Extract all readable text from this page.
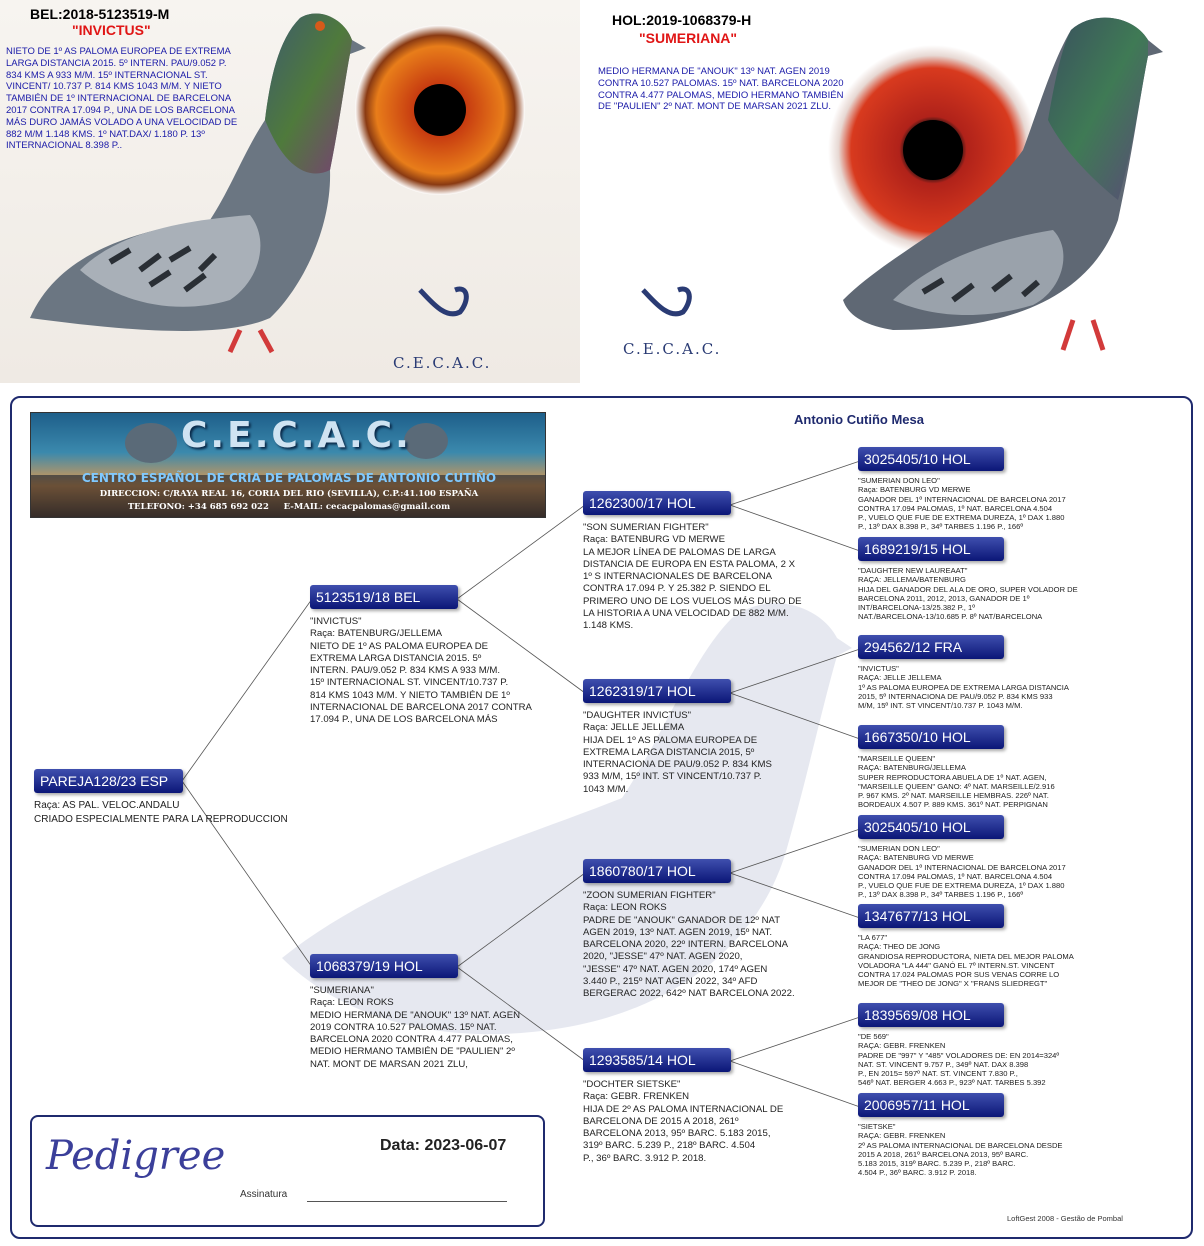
BEL:2018-5123519-M
"INVICTUS"
NIETO DE 1º AS PALOMA EUROPEA DE EXTREMA LARGA DISTANCIA 2015. 5º INTERN. PAU/9.052 P. 834 KMS A 933 M/M. 15º INTERNACIONAL ST. VINCENT/ 10.737 P. 814 KMS 1043 M/M. Y NIETO TAMBIÉN DE 1º INTERNACIONAL DE BARCELONA 2017 CONTRA 17.094 P., UNA DE LOS BARCELONA MÁS DURO JAMÁS VOLADO A UNA VELOCIDAD DE 882 M/M 1.148 KMS. 1º NAT.DAX/ 1.180 P. 13º INTERNACIONAL 8.398 P..
C.E.C.A.C.
HOL:2019-1068379-H
"SUMERIANA"
MEDIO HERMANA DE "ANOUK" 13º NAT. AGEN 2019 CONTRA 10.527 PALOMAS. 15º NAT. BARCELONA 2020 CONTRA 4.477 PALOMAS, MEDIO HERMANO TAMBIÉN DE "PAULIEN" 2º NAT. MONT DE MARSAN 2021 ZLU.
C.E.C.A.C.
Antonio Cutiño Mesa
C.E.C.A.C.
CENTRO ESPAÑOL DE CRIA DE PALOMAS DE ANTONIO CUTIÑO
DIRECCION: C/RAYA REAL 16, CORIA DEL RIO (SEVILLA), C.P.:41.100 ESPAÑA
TELEFONO: +34 685 692 022     E-MAIL: cecacpalomas@gmail.com
PAREJA128/23 ESP
Raça: AS PAL. VELOC.ANDALU
CRIADO ESPECIALMENTE PARA LA REPRODUCCION
5123519/18 BEL
"INVICTUS"
Raça: BATENBURG/JELLEMA
NIETO DE 1º AS PALOMA EUROPEA DE
EXTREMA LARGA DISTANCIA 2015. 5º
INTERN. PAU/9.052 P. 834 KMS A 933 M/M.
15º INTERNACIONAL ST. VINCENT/10.737 P.
814 KMS 1043 M/M. Y NIETO TAMBIÉN DE 1º
INTERNACIONAL DE BARCELONA 2017 CONTRA
17.094 P., UNA DE LOS BARCELONA MÁS
1068379/19 HOL
"SUMERIANA"
Raça: LEON ROKS
MEDIO HERMANA DE "ANOUK" 13º NAT. AGEN
2019 CONTRA 10.527 PALOMAS. 15º NAT.
BARCELONA 2020 CONTRA 4.477 PALOMAS,
MEDIO HERMANO TAMBIÉN DE "PAULIEN" 2º
NAT. MONT DE MARSAN 2021 ZLU,
1262300/17 HOL
"SON SUMERIAN FIGHTER"
Raça: BATENBURG VD MERWE
LA MEJOR LÍNEA DE PALOMAS DE LARGA
DISTANCIA DE EUROPA EN ESTA PALOMA, 2 X
1º S INTERNACIONALES DE BARCELONA
CONTRA 17.094 P. Y 25.382 P. SIENDO EL
PRIMERO UNO DE LOS VUELOS MÁS DURO DE
LA HISTORIA A UNA VELOCIDAD DE 882 M/M.
1.148 KMS.
1262319/17 HOL
"DAUGHTER INVICTUS"
Raça: JELLE JELLEMA
HIJA DEL 1º AS PALOMA EUROPEA DE
EXTREMA LARGA DISTANCIA 2015, 5º
INTERNACIONA DE PAU/9.052 P. 834 KMS
933 M/M, 15º INT. ST VINCENT/10.737 P.
1043 M/M.
1860780/17 HOL
"ZOON SUMERIAN FIGHTER"
Raça: LEON ROKS
PADRE DE "ANOUK" GANADOR DE 12º NAT
AGEN 2019, 13º NAT. AGEN 2019, 15º NAT.
BARCELONA 2020, 22º INTERN. BARCELONA
2020, "JESSE" 47º NAT. AGEN 2020,
"JESSE" 47º NAT. AGEN 2020, 174º AGEN
3.440 P., 215º NAT AGEN 2022, 34º AFD
BERGERAC 2022, 642º NAT BARCELONA 2022.
1293585/14 HOL
"DOCHTER SIETSKE"
Raça: GEBR. FRENKEN
HIJA DE 2º AS PALOMA INTERNACIONAL DE
BARCELONA DE 2015 A 2018, 261º
BARCELONA 2013, 95º BARC. 5.183 2015,
319º BARC. 5.239 P., 218º BARC. 4.504
P., 36º BARC. 3.912 P. 2018.
3025405/10 HOL
"SUMERIAN DON LEO"
Raça: BATENBURG VD MERWE
GANADOR DEL 1º INTERNACIONAL DE BARCELONA 2017
CONTRA 17.094 PALOMAS, 1º NAT. BARCELONA 4.504
P., VUELO QUE FUE DE EXTREMA DUREZA, 1º DAX 1.880
P., 13º DAX 8.398 P., 34º TARBES 1.196 P., 166º
1689219/15 HOL
"DAUGHTER NEW LAUREAAT"
RAÇA: JELLEMA/BATENBURG
HIJA DEL GANADOR DEL ALA DE ORO, SUPER VOLADOR DE
BARCELONA 2011, 2012, 2013, GANADOR DE 1º
INT/BARCELONA-13/25.382 P., 1º
NAT./BARCELONA-13/10.685 P. 8º NAT/BARCELONA
294562/12 FRA
"INVICTUS"
RAÇA: JELLE JELLEMA
1º AS PALOMA EUROPEA DE EXTREMA LARGA DISTANCIA
2015, 5º INTERNACIONA DE PAU/9.052 P. 834 KMS 933
M/M, 15º INT. ST VINCENT/10.737 P. 1043 M/M.
1667350/10 HOL
"MARSEILLE QUEEN"
RAÇA: BATENBURG/JELLEMA
SUPER REPRODUCTORA ABUELA DE 1º NAT. AGEN,
"MARSEILLE QUEEN" GANO: 4º NAT. MARSEILLE/2.916
P. 967 KMS. 2º NAT. MARSEILLE HEMBRAS. 226º NAT.
BORDEAUX 4.507 P. 889 KMS. 361º NAT. PERPIGNAN
3025405/10 HOL
"SUMERIAN DON LEO"
RAÇA: BATENBURG VD MERWE
GANADOR DEL 1º INTERNACIONAL DE BARCELONA 2017
CONTRA 17.094 PALOMAS, 1º NAT. BARCELONA 4.504
P., VUELO QUE FUE DE EXTREMA DUREZA, 1º DAX 1.880
P., 13º DAX 8.398 P., 34º TARBES 1.196 P., 166º
1347677/13 HOL
"LA 677"
RAÇA: THEO DE JONG
GRANDIOSA REPRODUCTORA, NIETA DEL MEJOR PALOMA
VOLADORA "LA 444" GANÓ EL 7º INTERN.ST. VINCENT
CONTRA 17.024 PALOMAS POR SUS VENAS CORRE LO
MEJOR DE "THEO DE JONG" X "FRANS SLIEDREGT"
1839569/08 HOL
"DE 569"
RAÇA: GEBR. FRENKEN
PADRE DE "997" Y "485" VOLADORES DE: EN 2014=324º
NAT. ST. VINCENT 9.757 P., 349º NAT. DAX 8.398
P., EN 2015= 597º NAT. ST. VINCENT 7.830 P.,
546º NAT. BERGER 4.663 P., 923º NAT. TARBES 5.392
2006957/11 HOL
"SIETSKE"
RAÇA: GEBR. FRENKEN
2º AS PALOMA INTERNACIONAL DE BARCELONA DESDE
2015 A 2018, 261º BARCELONA 2013, 95º BARC.
5.183 2015, 319º BARC. 5.239 P., 218º BARC.
4.504 P., 36º BARC. 3.912 P. 2018.
Pedigree	Data: 2023-06-07
Assinatura
LoftGest 2008 - Gestão de Pombal
